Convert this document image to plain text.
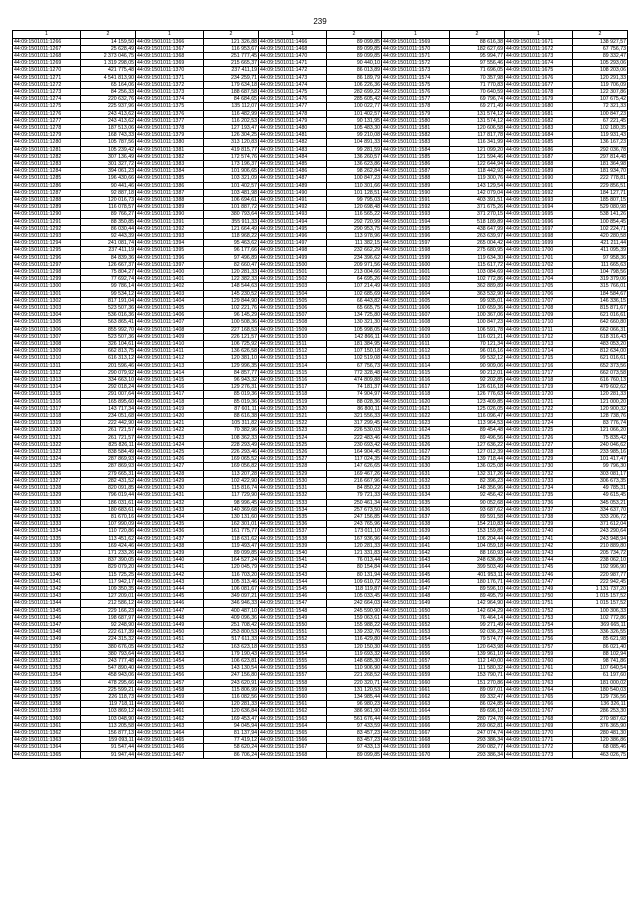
239
1	2	1	2	1	2	1	2	1	2
44:09:1501011:1266	14 159,50	44:09:1501011:1366	121 326,88	44:09:1501011:1466	89 099,85	44:09:1501011:1569	88 616,38	44:09:1501011:1671	138 927,57
44:09:1501011:1267	25 628,49	44:09:1501011:1367	116 953,67	44:09:1501011:1468	89 099,85	44:09:1501011:1570	182 627,69	44:09:1501011:1672	67 756,73
44:09:1501011:1268	2 373 046,75	44:09:1501011:1368	251 777,45	44:09:1501011:1470	89 099,85	44:09:1501011:1571	95 994,77	44:09:1501011:1673	89 332,47
44:09:1501011:1269	1 319 298,05	44:09:1501011:1369	215 665,37	44:09:1501011:1471	90 440,10	44:09:1501011:1572	97 556,46	44:09:1501011:1674	105 293,06
44:09:1501011:1270	421 775,48	44:09:1501011:1370	237 411,19	44:09:1501011:1472	86 013,89	44:09:1501011:1573	71 696,05	44:09:1501011:1675	108 203,06
44:09:1501011:1271	4 541 813,90	44:09:1501011:1371	234 259,71	44:09:1501011:1473	86 189,79	44:09:1501011:1574	70 357,98	44:09:1501011:1676	120 291,33
44:09:1501011:1272	65 164,06	44:09:1501011:1372	179 634,18	44:09:1501011:1474	106 226,36	44:09:1501011:1575	71 770,83	44:09:1501011:1677	119 706,09
44:09:1501011:1273	84 256,33	44:09:1501011:1373	188 687,58	44:09:1501011:1475	282 699,22	44:09:1501011:1576	70 640,59	44:09:1501011:1678	122 307,86
44:09:1501011:1274	220 632,76	44:09:1501011:1374	84 684,65	44:09:1501011:1476	285 605,42	44:09:1501011:1577	69 796,74	44:09:1501011:1679	107 675,42
44:09:1501011:1275	225 937,96	44:09:1501011:1375	135 112,07	44:09:1501011:1477	100 022,77	44:09:1501011:1578	69 271,49	44:09:1501011:1680	72 321,33
44:09:1501011:1276	243 413,62	44:09:1501011:1376	116 482,99	44:09:1501011:1478	101 402,57	44:09:1501011:1579	131 574,12	44:09:1501011:1681	100 847,23
44:09:1501011:1277	243 413,62	44:09:1501011:1377	116 202,53	44:09:1501011:1479	90 131,95	44:09:1501011:1580	131 574,12	44:09:1501011:1682	67 221,45
44:09:1501011:1278	187 513,06	44:09:1501011:1378	127 193,47	44:09:1501011:1480	105 483,30	44:09:1501011:1581	120 606,58	44:09:1501011:1683	102 180,35
44:09:1501011:1279	168 743,33	44:09:1501011:1379	126 304,25	44:09:1501011:1481	99 210,08	44:09:1501011:1582	117 817,78	44:09:1501011:1684	119 931,43
44:09:1501011:1280	105 787,56	44:09:1501011:1380	313 120,83	44:09:1501011:1482	104 891,33	44:09:1501011:1583	116 341,99	44:09:1501011:1685	136 167,23
44:09:1501011:1281	105 239,42	44:09:1501011:1381	419 815,77	44:09:1501011:1483	99 281,59	44:09:1501011:1584	121 099,20	44:09:1501011:1686	292 036,78
44:09:1501011:1282	307 136,49	44:09:1501011:1382	172 574,76	44:09:1501011:1484	136 260,57	44:09:1501011:1585	121 594,46	44:09:1501011:1687	297 814,48
44:09:1501011:1283	301 327,72	44:09:1501011:1383	173 196,37	44:09:1501011:1485	136 623,86	44:09:1501011:1586	122 644,94	44:09:1501011:1688	181 364,98
44:09:1501011:1284	394 061,23	44:09:1501011:1384	101 906,65	44:09:1501011:1486	98 262,84	44:09:1501011:1587	118 442,93	44:09:1501011:1689	181 934,70
44:09:1501011:1285	196 430,66	44:09:1501011:1385	103 321,09	44:09:1501011:1487	100 847,23	44:09:1501011:1588	119 300,76	44:09:1501011:1690	222 778,81
44:09:1501011:1286	90 441,46	44:09:1501011:1386	101 402,57	44:09:1501011:1489	110 301,66	44:09:1501011:1589	143 129,54	44:09:1501011:1691	229 856,51
44:09:1501011:1287	92 887,18	44:09:1501011:1387	103 481,98	44:09:1501011:1490	101 128,51	44:09:1501011:1590	142 079,04	44:09:1501011:1692	184 127,71
44:09:1501011:1288	120 016,73	44:09:1501011:1388	106 694,61	44:09:1501011:1491	99 795,03	44:09:1501011:1591	403 391,51	44:09:1501011:1693	185 807,15
44:09:1501011:1289	116 078,57	44:09:1501011:1389	101 887,72	44:09:1501011:1492	120 698,48	44:09:1501011:1592	371 675,26	44:09:1501011:1694	529 080,98
44:09:1501011:1290	89 766,27	44:09:1501011:1390	380 793,64	44:09:1501011:1493	116 565,22	44:09:1501011:1593	371 270,15	44:09:1501011:1695	538 141,26
44:09:1501011:1291	88 350,85	44:09:1501011:1391	355 911,33	44:09:1501011:1494	292 720,99	44:09:1501011:1594	518 189,89	44:09:1501011:1696	100 854,45
44:09:1501011:1292	86 030,44	44:09:1501011:1392	121 664,49	44:09:1501011:1495	290 953,75	44:09:1501011:1595	438 647,99	44:09:1501011:1697	102 224,71
44:09:1501011:1293	92 443,39	44:09:1501011:1393	118 968,22	44:09:1501011:1496	113 978,96	44:09:1501011:1596	263 639,97	44:09:1501011:1698	420 280,58
44:09:1501011:1294	241 081,74	44:09:1501011:1394	95 463,62	44:09:1501011:1497	111 382,15	44:09:1501011:1597	265 004,42	44:09:1501011:1699	421 211,44
44:09:1501011:1295	237 411,19	44:09:1501011:1395	96 177,66	44:09:1501011:1498	232 662,29	44:09:1501011:1598	275 680,95	44:09:1501011:1700	411 095,39
44:09:1501011:1296	84 839,36	44:09:1501011:1396	97 496,89	44:09:1501011:1499	234 396,62	44:09:1501011:1599	119 634,30	44:09:1501011:1701	97 958,36
44:09:1501011:1297	126 667,37	44:09:1501011:1397	82 660,47	44:09:1501011:1500	209 971,56	44:09:1501011:1600	115 617,72	44:09:1501011:1702	111 665,63
44:09:1501011:1298	75 804,27	44:09:1501011:1400	120 281,33	44:09:1501011:1501	213 004,66	44:09:1501011:1601	103 084,69	44:09:1501011:1703	104 798,56
44:09:1501011:1299	77 692,74	44:09:1501011:1401	122 382,33	44:09:1501011:1502	64 695,26	44:09:1501011:1602	102 772,86	44:09:1501011:1704	319 379,06
44:09:1501011:1300	99 786,14	44:09:1501011:1402	148 544,63	44:09:1501011:1503	107 214,49	44:09:1501011:1603	362 889,89	44:09:1501011:1705	315 766,01
44:09:1501011:1301	99 534,12	44:09:1501011:1403	145 230,52	44:09:1501011:1504	102 685,69	44:09:1501011:1604	363 532,90	44:09:1501011:1706	184 584,67
44:09:1501011:1302	817 191,04	44:09:1501011:1404	129 844,90	44:09:1501011:1505	66 443,82	44:09:1501011:1605	99 935,01	44:09:1501011:1707	146 336,15
44:09:1501011:1303	523 507,36	44:09:1501011:1405	102 221,76	44:09:1501011:1506	65 665,75	44:09:1501011:1606	100 659,36	44:09:1501011:1708	815 871,67
44:09:1501011:1304	536 016,36	44:09:1501011:1406	96 145,29	44:09:1501011:1507	134 725,80	44:09:1501011:1607	100 367,06	44:09:1501011:1709	621 016,61
44:09:1501011:1305	563 865,41	44:09:1501011:1407	100 508,36	44:09:1501011:1508	130 321,30	44:09:1501011:1608	100 847,23	44:09:1501011:1710	642 660,80
44:09:1501011:1306	855 992,70	44:09:1501011:1408	227 168,53	44:09:1501011:1509	105 998,05	44:09:1501011:1609	106 591,78	44:09:1501011:1711	662 066,31
44:09:1501011:1307	523 507,36	44:09:1501011:1409	226 121,57	44:09:1501011:1510	142 866,11	44:09:1501011:1610	116 021,21	44:09:1501011:1712	618 316,43
44:09:1501011:1308	326 104,61	44:09:1501011:1410	106 725,92	44:09:1501011:1511	181 384,95	44:09:1501011:1611	70 121,34	44:09:1501011:1713	483 053,20
44:09:1501011:1309	662 813,75	44:09:1501011:1411	136 626,58	44:09:1501011:1512	107 150,18	44:09:1501011:1612	96 016,16	44:09:1501011:1714	812 634,00
44:09:1501011:1310	616 313,12	44:09:1501011:1412	120 381,10	44:09:1501011:1513	102 519,08	44:09:1501011:1613	99 532,12	44:09:1501011:1715	621 016,61
44:09:1501011:1311	201 596,46	44:09:1501011:1413	129 996,35	44:09:1501011:1514	67 756,73	44:09:1501011:1614	90 909,06	44:09:1501011:1716	652 373,56
44:09:1501011:1312	290 079,92	44:09:1501011:1414	84 857,77	44:09:1501011:1515	772 328,48	44:09:1501011:1615	90 212,01	44:09:1501011:1717	662 073,58
44:09:1501011:1313	334 663,10	44:09:1501011:1415	96 943,32	44:09:1501011:1516	474 809,88	44:09:1501011:1616	92 202,85	44:09:1501011:1718	616 760,13
44:09:1501011:1314	292 018,24	44:09:1501011:1416	129 276,31	44:09:1501011:1517	74 181,37	44:09:1501011:1617	126 616,18	44:09:1501011:1719	479 602,62
44:09:1501011:1315	291 007,64	44:09:1501011:1417	85 019,36	44:09:1501011:1518	74 904,97	44:09:1501011:1618	126 776,63	44:09:1501011:1720	120 281,33
44:09:1501011:1316	165 895,60	44:09:1501011:1418	85 019,36	44:09:1501011:1519	88 028,36	44:09:1501011:1620	123 409,85	44:09:1501011:1721	121 000,20
44:09:1501011:1317	143 717,34	44:09:1501011:1419	87 601,11	44:09:1501011:1520	86 800,11	44:09:1501011:1621	125 026,05	44:09:1501011:1722	120 900,32
44:09:1501011:1318	234 051,68	44:09:1501011:1420	88 616,38	44:09:1501011:1521	321 556,33	44:09:1501011:1622	116 096,47	44:09:1501011:1723	128 738,76
44:09:1501011:1319	222 442,90	44:09:1501011:1421	105 311,82	44:09:1501011:1522	317 299,45	44:09:1501011:1623	113 964,53	44:09:1501011:1724	83 776,74
44:09:1501011:1320	261 721,57	44:09:1501011:1422	70 382,96	44:09:1501011:1523	226 530,03	44:09:1501011:1624	89 454,48	44:09:1501011:1725	121 066,20
44:09:1501011:1321	261 721,57	44:09:1501011:1423	108 362,33	44:09:1501011:1524	222 483,46	44:09:1501011:1625	89 496,56	44:09:1501011:1726	75 835,42
44:09:1501011:1322	825 826,11	44:09:1501011:1424	228 293,49	44:09:1501011:1525	230 693,42	44:09:1501011:1626	127 636,22	44:09:1501011:1727	240 046,62
44:09:1501011:1323	838 584,49	44:09:1501011:1425	226 293,46	44:09:1501011:1526	164 904,45	44:09:1501011:1627	127 012,39	44:09:1501011:1728	233 985,16
44:09:1501011:1324	287 869,93	44:09:1501011:1426	169 065,52	44:09:1501011:1527	117 024,35	44:09:1501011:1629	139 718,44	44:09:1501011:1729	101 417,47
44:09:1501011:1325	287 869,93	44:09:1501011:1427	169 056,82	44:09:1501011:1528	147 626,65	44:09:1501011:1630	136 025,08	44:09:1501011:1730	99 796,30
44:09:1501011:1326	279 665,31	44:09:1501011:1428	113 207,28	44:09:1501011:1529	169 467,26	44:09:1501011:1631	132 317,26	44:09:1501011:1732	303 081,17
44:09:1501011:1327	282 431,52	44:09:1501011:1429	102 422,90	44:09:1501011:1530	216 667,96	44:09:1501011:1632	82 396,23	44:09:1501011:1733	306 673,35
44:09:1501011:1328	820 091,85	44:09:1501011:1430	115 816,74	44:09:1501011:1531	84 850,22	44:09:1501011:1633	148 356,96	44:09:1501011:1734	49 785,31
44:09:1501011:1329	796 019,44	44:09:1501011:1431	117 729,90	44:09:1501011:1532	79 721,33	44:09:1501011:1634	92 456,42	44:09:1501011:1735	49 615,45
44:09:1501011:1330	186 031,61	44:09:1501011:1432	98 996,45	44:09:1501011:1533	250 461,34	44:09:1501011:1635	90 052,68	44:09:1501011:1736	345 053,21
44:09:1501011:1331	180 683,61	44:09:1501011:1433	140 369,68	44:09:1501011:1534	257 673,50	44:09:1501011:1636	93 687,62	44:09:1501011:1737	334 637,70
44:09:1501011:1332	81 670,16	44:09:1501011:1434	130 131,60	44:09:1501011:1535	247 156,85	44:09:1501011:1637	89 591,58	44:09:1501011:1738	333 206,72
44:09:1501011:1333	107 990,09	44:09:1501011:1435	162 301,01	44:09:1501011:1536	243 765,96	44:09:1501011:1638	154 210,83	44:09:1501011:1739	371 612,04
44:09:1501011:1334	110 720,86	44:09:1501011:1436	161 775,77	44:09:1501011:1537	173 011,10	44:09:1501011:1639	153 159,85	44:09:1501011:1740	243 290,64
44:09:1501011:1335	113 451,62	44:09:1501011:1437	118 631,62	44:09:1501011:1538	167 936,96	44:09:1501011:1640	106 204,44	44:09:1501011:1741	243 948,94
44:09:1501011:1336	169 424,46	44:09:1501011:1438	119 493,47	44:09:1501011:1539	120 281,33	44:09:1501011:1641	104 059,18	44:09:1501011:1742	210 889,80
44:09:1501011:1337	171 233,26	44:09:1501011:1439	89 099,85	44:09:1501011:1540	121 331,83	44:09:1501011:1642	88 160,93	44:09:1501011:1743	205 734,72
44:09:1501011:1338	837 390,05	44:09:1501011:1440	164 527,24	44:09:1501011:1541	76 013,44	44:09:1501011:1643	248 636,86	44:09:1501011:1744	238 062,10
44:09:1501011:1339	829 079,20	44:09:1501011:1441	120 045,79	44:09:1501011:1542	80 154,84	44:09:1501011:1644	399 503,49	44:09:1501011:1745	192 996,90
44:09:1501011:1340	115 725,25	44:09:1501011:1442	116 703,20	44:09:1501011:1543	80 131,94	44:09:1501011:1645	401 953,11	44:09:1501011:1746	220 987,77
44:09:1501011:1341	117 942,17	44:09:1501011:1443	105 313,46	44:09:1501011:1544	109 610,72	44:09:1501011:1646	180 176,71	44:09:1501011:1747	222 942,45
44:09:1501011:1342	109 350,35	44:09:1501011:1444	106 081,67	44:09:1501011:1545	118 119,87	44:09:1501011:1647	89 596,10	44:09:1501011:1749	1 131 737,20
44:09:1501011:1343	127 209,01	44:09:1501011:1445	349 097,21	44:09:1501011:1546	105 033,45	44:09:1501011:1648	89 495,79	44:09:1501011:1750	1 015 157,52
44:09:1501011:1344	212 586,12	44:09:1501011:1446	346 946,33	44:09:1501011:1547	242 664,03	44:09:1501011:1649	142 964,90	44:09:1501011:1751	1 015 157,52
44:09:1501011:1345	229 166,23	44:09:1501011:1447	400 487,10	44:09:1501011:1548	245 590,90	44:09:1501011:1650	142 604,29	44:09:1501011:1752	100 306,33
44:09:1501011:1346	198 687,97	44:09:1501011:1448	409 096,36	44:09:1501011:1549	159 063,61	44:09:1501011:1651	76 464,14	44:09:1501011:1753	102 772,86
44:09:1501011:1347	92 248,90	44:09:1501011:1449	251 708,42	44:09:1501011:1550	155 988,22	44:09:1501011:1652	99 271,49	44:09:1501011:1754	369 665,11
44:09:1501011:1348	222 617,39	44:09:1501011:1450	253 800,53	44:09:1501011:1551	139 232,76	44:09:1501011:1653	92 036,23	44:09:1501011:1755	336 326,55
44:09:1501011:1349	224 315,32	44:09:1501011:1451	517 611,33	44:09:1501011:1552	116 429,80	44:09:1501011:1654	79 574,77	44:09:1501011:1756	85 621,98
44:09:1501011:1350	380 676,05	44:09:1501011:1452	163 623,18	44:09:1501011:1553	120 150,30	44:09:1501011:1655	120 643,98	44:09:1501011:1757	86 021,40
44:09:1501011:1351	380 793,64	44:09:1501011:1453	179 190,43	44:09:1501011:1554	119 693,32	44:09:1501011:1656	139 961,10	44:09:1501011:1759	88 102,94
44:09:1501011:1352	243 777,48	44:09:1501011:1454	106 623,81	44:09:1501011:1555	148 685,30	44:09:1501011:1657	112 140,00	44:09:1501011:1760	98 741,86
44:09:1501011:1353	547 890,40	44:09:1501011:1455	143 130,54	44:09:1501011:1556	110 906,90	44:09:1501011:1658	111 580,32	44:09:1501011:1761	107 640,54
44:09:1501011:1354	458 943,06	44:09:1501011:1456	247 156,80	44:09:1501011:1557	221 268,52	44:09:1501011:1659	153 790,71	44:09:1501011:1762	61 197,60
44:09:1501011:1355	478 295,66	44:09:1501011:1457	243 620,91	44:09:1501011:1558	220 320,71	44:09:1501011:1660	151 270,86	44:09:1501011:1763	181 000,02
44:09:1501011:1356	225 599,21	44:09:1501011:1458	115 806,99	44:09:1501011:1559	131 120,53	44:09:1501011:1661	89 097,01	44:09:1501011:1764	180 540,03
44:09:1501011:1357	226 118,73	44:09:1501011:1459	116 082,56	44:09:1501011:1560	134 985,44	44:09:1501011:1662	89 332,47	44:09:1501011:1765	129 736,56
44:09:1501011:1358	119 718,11	44:09:1501011:1460	120 281,33	44:09:1501011:1561	96 980,23	44:09:1501011:1663	86 024,85	44:09:1501011:1766	136 326,11
44:09:1501011:1359	103 869,12	44:09:1501011:1461	120 636,84	44:09:1501011:1562	386 961,90	44:09:1501011:1664	89 696,10	44:09:1501011:1767	286 253,30
44:09:1501011:1360	103 048,90	44:09:1501011:1462	169 453,47	44:09:1501011:1563	561 676,44	44:09:1501011:1665	280 724,78	44:09:1501011:1768	270 987,62
44:09:1501011:1361	113 205,58	44:09:1501011:1463	94 045,94	44:09:1501011:1564	97 433,59	44:09:1501011:1666	269 062,81	44:09:1501011:1769	376 365,90
44:09:1501011:1362	156 877,13	44:09:1501011:1464	81 137,94	44:09:1501011:1565	83 457,23	44:09:1501011:1667	247 074,74	44:09:1501011:1770	280 481,30
44:09:1501011:1363	159 093,11	44:09:1501011:1465	77 419,12	44:09:1501011:1566	83 457,23	44:09:1501011:1668	293 386,34	44:09:1501011:1771	120 386,86
44:09:1501011:1364	91 547,44	44:09:1501011:1466	58 620,24	44:09:1501011:1567	97 433,13	44:09:1501011:1669	290 082,77	44:09:1501011:1772	68 085,46
44:09:1501011:1365	91 947,44	44:09:1501011:1467	86 706,24	44:09:1501011:1568	89 099,85	44:09:1501011:1670	293 386,34	44:09:1501011:1773	463 026,75
